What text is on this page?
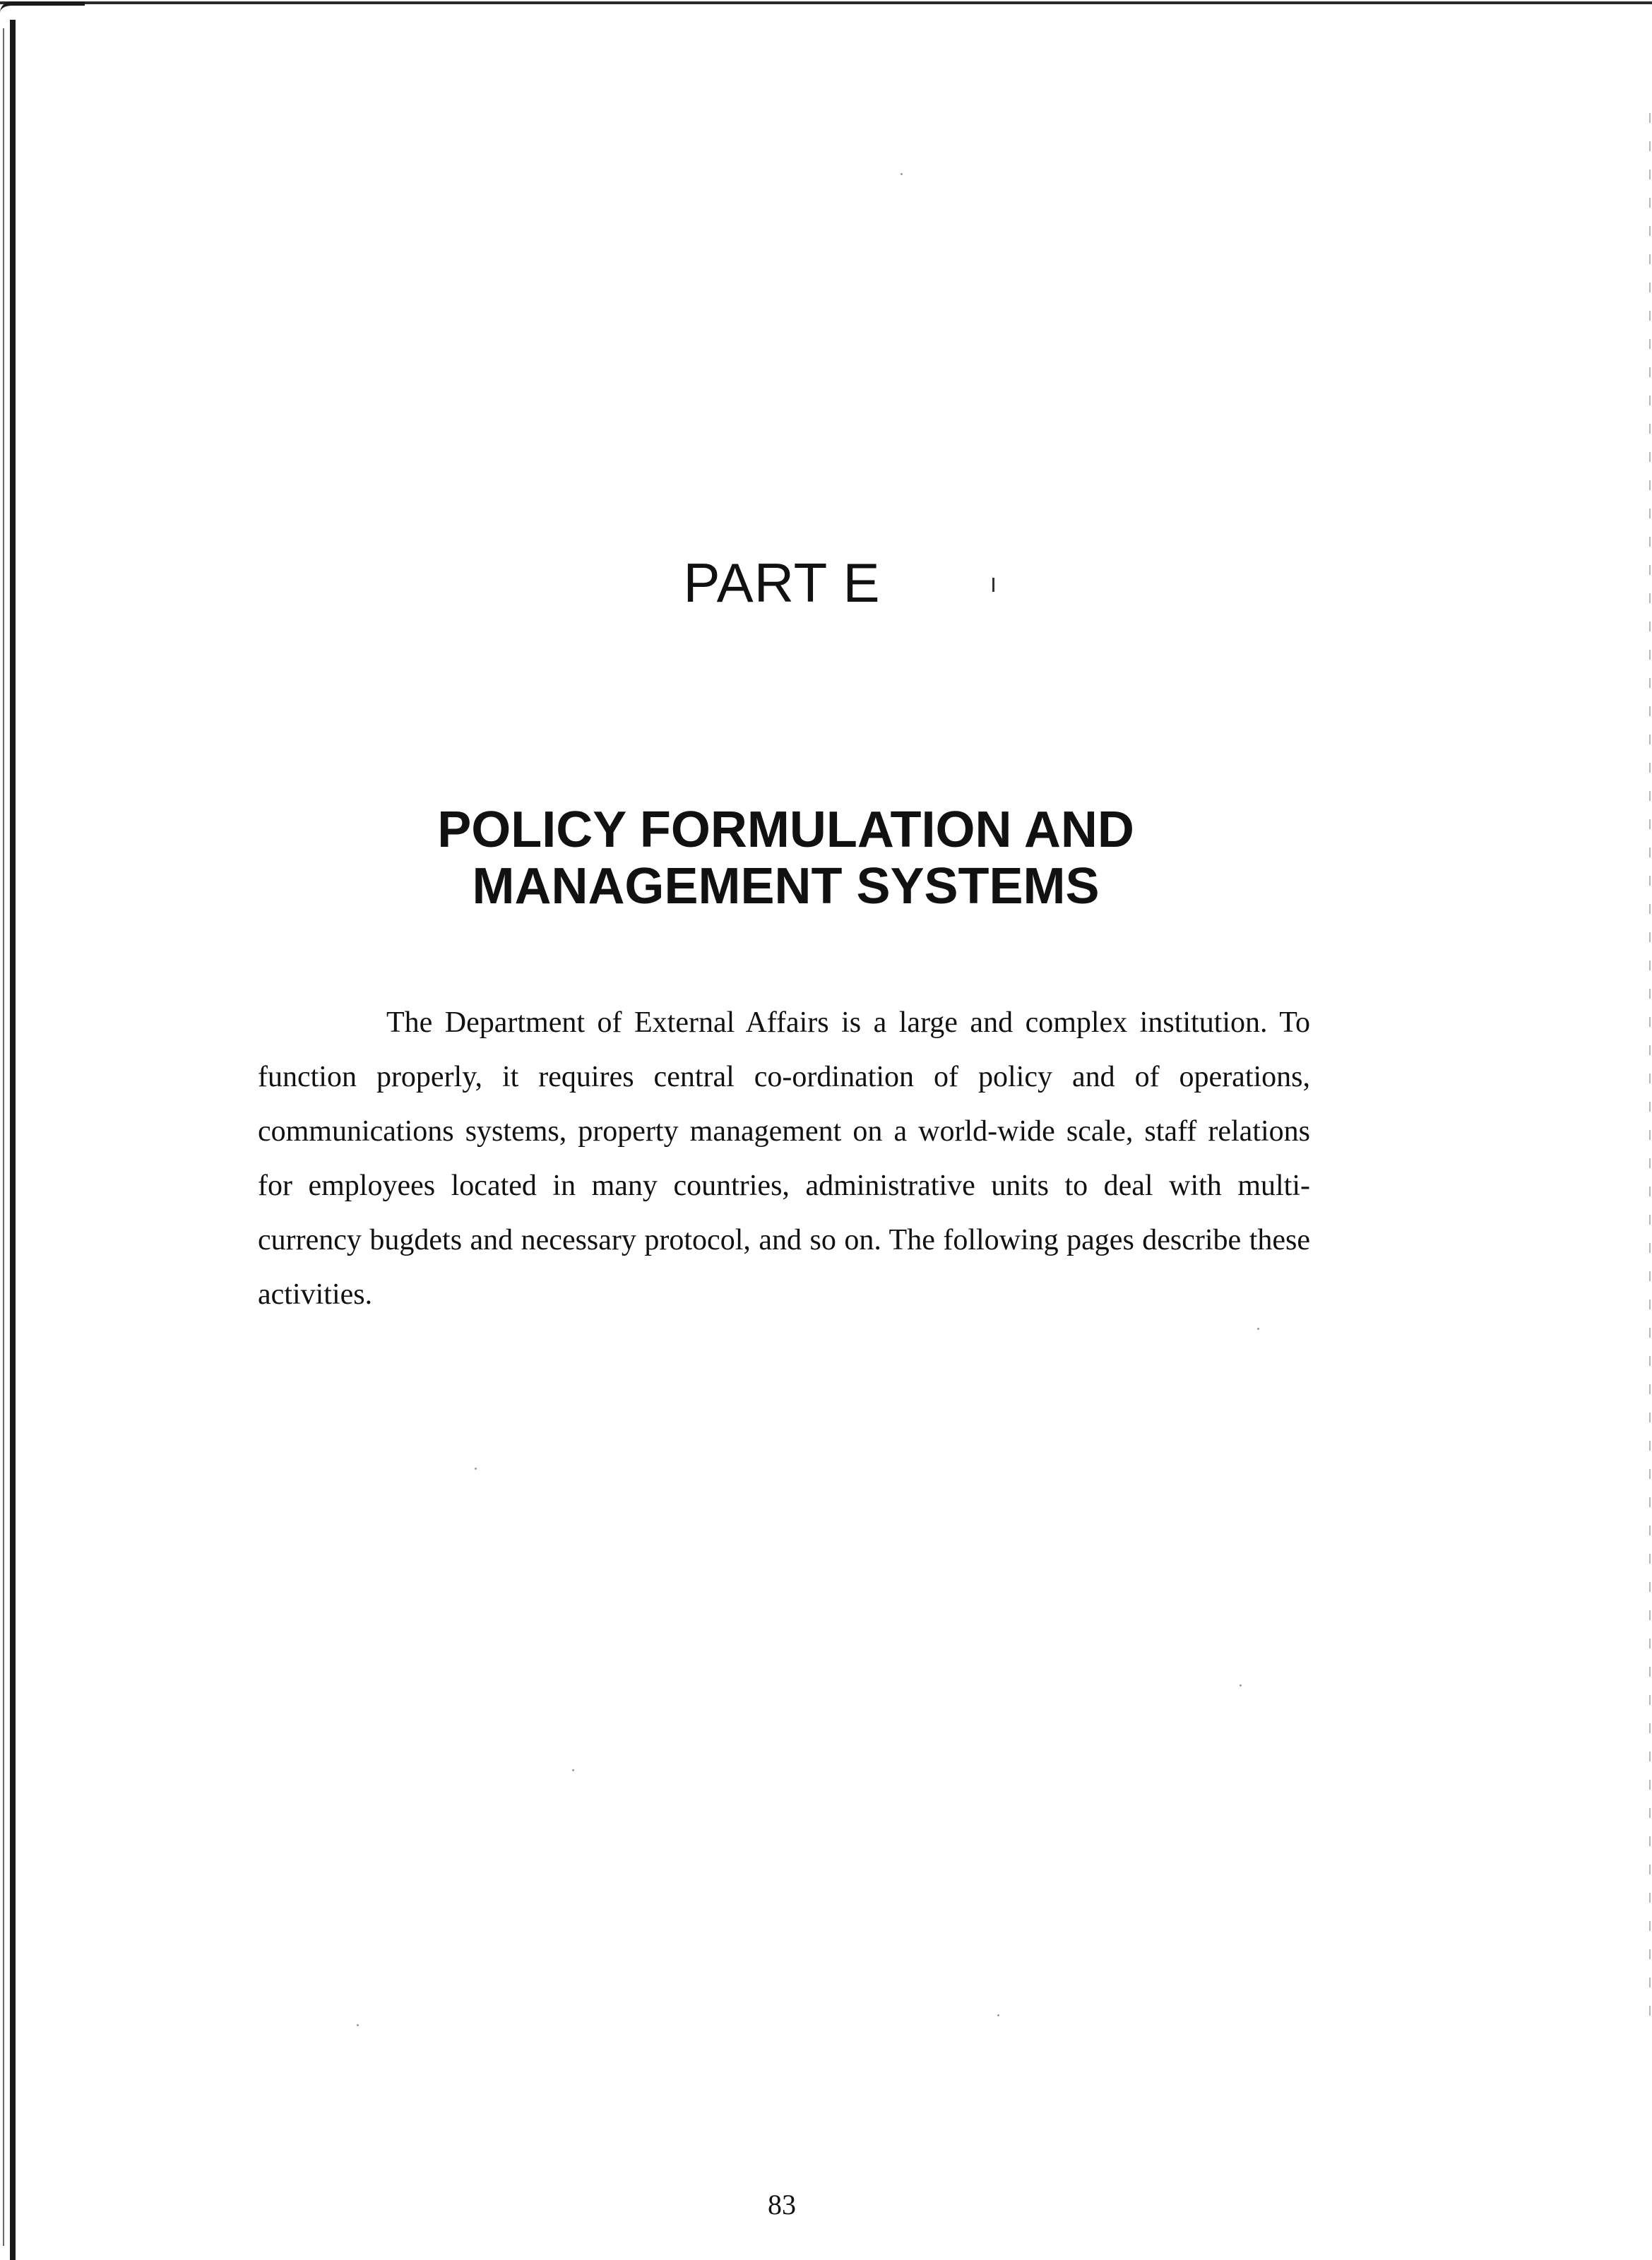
PART E
POLICY FORMULATION AND
MANAGEMENT SYSTEMS

The Department of External Affairs is a large and complex institution. To function properly, it requires central co-ordination of policy and of operations, communications systems, property management on a world-wide scale, staff relations for employees located in many countries, administrative units to deal with multi-currency bugdets and necessary protocol, and so on. The following pages describe these activities.

83
